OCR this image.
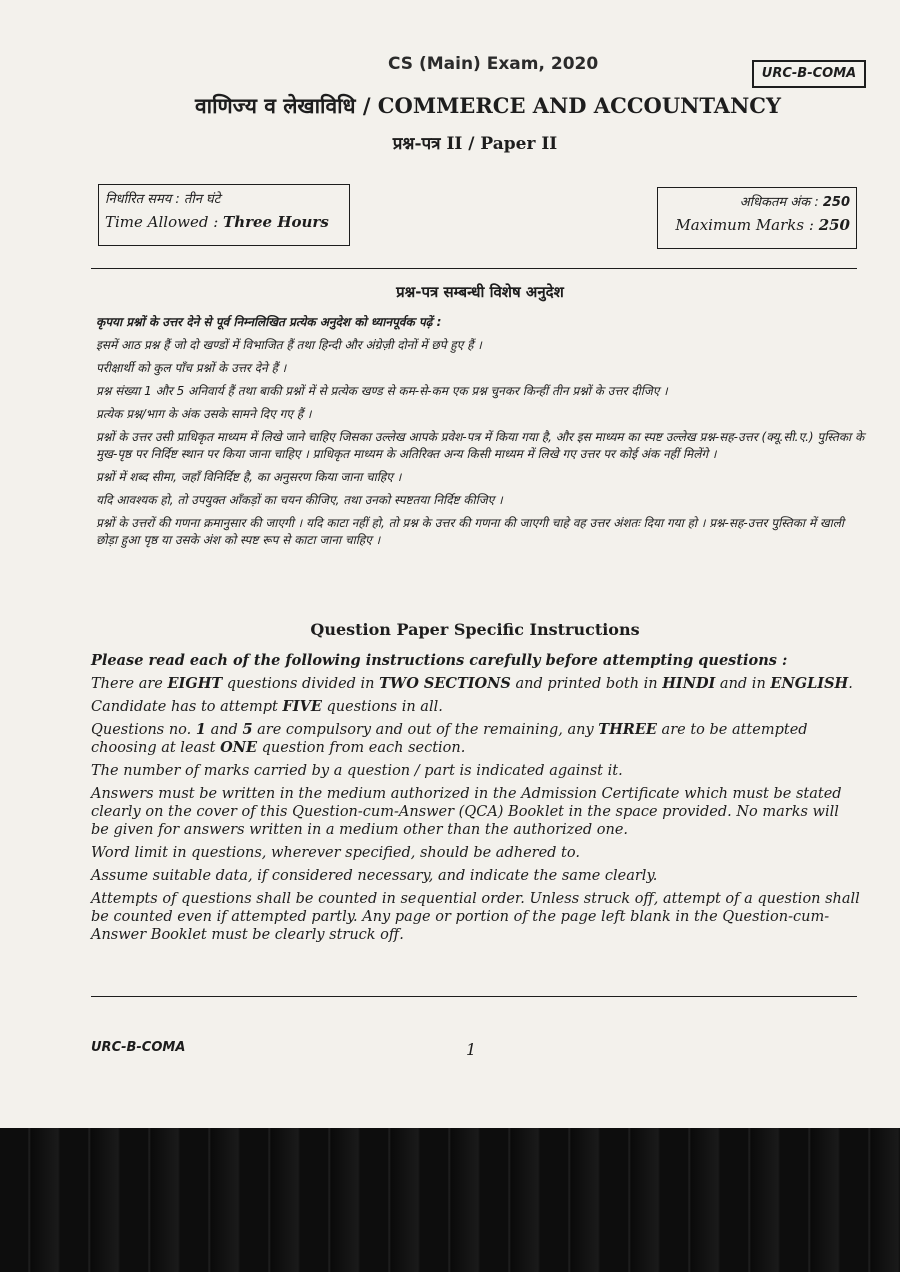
CS (Main) Exam, 2020	URC-B-COMA
वाणिज्य व लेखाविधि / COMMERCE AND ACCOUNTANCY
प्रश्न-पत्र II / Paper II
निर्धारित समय : तीन घंटे
Time Allowed : Three Hours
अधिकतम अंक : 250
Maximum Marks : 250
प्रश्न-पत्र सम्बन्धी विशेष अनुदेश

कृपया प्रश्नों के उत्तर देने से पूर्व निम्नलिखित प्रत्येक अनुदेश को ध्यानपूर्वक पढ़ें :

इसमें आठ प्रश्न हैं जो दो खण्डों में विभाजित हैं तथा हिन्दी और अंग्रेज़ी दोनों में छपे हुए हैं ।

परीक्षार्थी को कुल पाँच प्रश्नों के उत्तर देने हैं ।

प्रश्न संख्या 1 और 5 अनिवार्य हैं तथा बाकी प्रश्नों में से प्रत्येक खण्ड से कम-से-कम एक प्रश्न चुनकर किन्हीं तीन प्रश्नों के उत्तर दीजिए ।

प्रत्येक प्रश्न/भाग के अंक उसके सामने दिए गए हैं ।

प्रश्नों के उत्तर उसी प्राधिकृत माध्यम में लिखे जाने चाहिए जिसका उल्लेख आपके प्रवेश-पत्र में किया गया है, और इस माध्यम का स्पष्ट उल्लेख प्रश्न-सह-उत्तर (क्यू.सी.ए.) पुस्तिका के मुख-पृष्ठ पर निर्दिष्ट स्थान पर किया जाना चाहिए । प्राधिकृत माध्यम के अतिरिक्त अन्य किसी माध्यम में लिखे गए उत्तर पर कोई अंक नहीं मिलेंगे ।

प्रश्नों में शब्द सीमा, जहाँ विनिर्दिष्ट है, का अनुसरण किया जाना चाहिए ।

यदि आवश्यक हो, तो उपयुक्त आँकड़ों का चयन कीजिए, तथा उनको स्पष्टतया निर्दिष्ट कीजिए ।

प्रश्नों के उत्तरों की गणना क्रमानुसार की जाएगी । यदि काटा नहीं हो, तो प्रश्न के उत्तर की गणना की जाएगी चाहे वह उत्तर अंशतः दिया गया हो । प्रश्न-सह-उत्तर पुस्तिका में खाली छोड़ा हुआ पृष्ठ या उसके अंश को स्पष्ट रूप से काटा जाना चाहिए ।

Question Paper Specific Instructions

Please read each of the following instructions carefully before attempting questions :

There are EIGHT questions divided in TWO SECTIONS and printed both in HINDI and in ENGLISH.

Candidate has to attempt FIVE questions in all.

Questions no. 1 and 5 are compulsory and out of the remaining, any THREE are to be attempted choosing at least ONE question from each section.

The number of marks carried by a question / part is indicated against it.

Answers must be written in the medium authorized in the Admission Certificate which must be stated clearly on the cover of this Question-cum-Answer (QCA) Booklet in the space provided. No marks will be given for answers written in a medium other than the authorized one.

Word limit in questions, wherever specified, should be adhered to.

Assume suitable data, if considered necessary, and indicate the same clearly.

Attempts of questions shall be counted in sequential order. Unless struck off, attempt of a question shall be counted even if attempted partly. Any page or portion of the page left blank in the Question-cum-Answer Booklet must be clearly struck off.

URC-B-COMA	1
